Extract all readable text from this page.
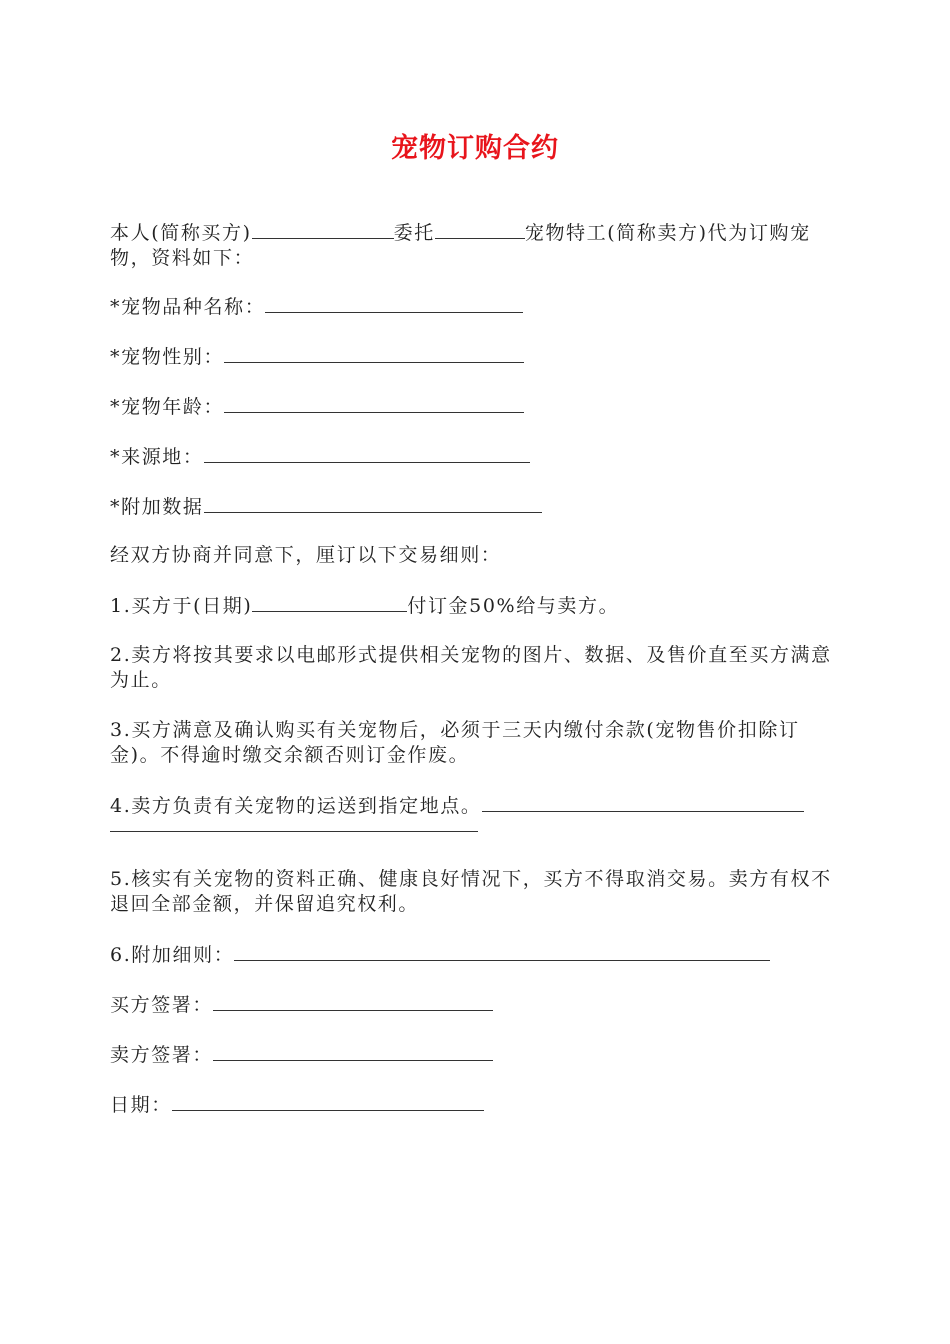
宠物订购合约
本人(简称买方)	委托	宠物特工(简称卖方)代为订购宠物，资料如下：
*宠物品种名称：
*宠物性别：
*宠物年龄：
*来源地：
*附加数据
经双方协商并同意下，厘订以下交易细则：
1.买方于(日期)	付订金50%给与卖方。
2.卖方将按其要求以电邮形式提供相关宠物的图片、数据、及售价直至买方满意为止。
3.买方满意及确认购买有关宠物后，必须于三天内缴付余款(宠物售价扣除订金)。不得逾时缴交余额否则订金作废。
4.卖方负责有关宠物的运送到指定地点。
5.核实有关宠物的资料正确、健康良好情况下，买方不得取消交易。卖方有权不退回全部金额，并保留追究权利。
6.附加细则：
买方签署：
卖方签署：
日期：
